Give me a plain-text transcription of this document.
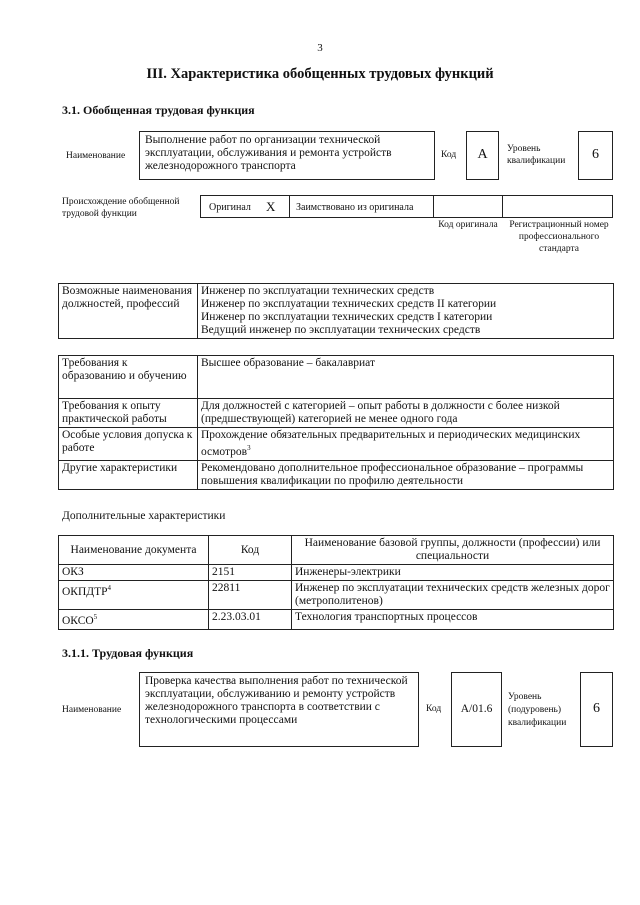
3
III. Характеристика обобщенных трудовых функций
3.1. Обобщенная трудовая функция
Наименование
Выполнение работ по организации технической эксплуатации, обслуживания и ремонта устройств железнодорожного транспорта
Код	A	Уровень квалификации	6
Происхождение обобщенной трудовой функции
Оригинал X	Заимствовано из оригинала
Код оригинала	Регистрационный номер профессионального стандарта
Возможные наименования должностей, профессий	
Инженер по эксплуатации технических средств
Инженер по эксплуатации технических средств II категории
Инженер по эксплуатации технических средств I категории
Ведущий инженер по эксплуатации технических средств
Требования к образованию и обучению	Высшее образование – бакалавриат
Требования к опыту практической работы	Для должностей с категорией – опыт работы в должности с более низкой (предшествующей) категорией не менее одного года
Особые условия допуска к работе	Прохождение обязательных предварительных и периодических медицинских осмотров$^3$
Другие характеристики	Рекомендовано дополнительное профессиональное образование – программы повышения квалификации по профилю деятельности
Дополнительные характеристики
Наименование документа	Код	Наименование базовой группы, должности (профессии) или специальности
ОКЗ	2151	Инженеры-электрики
ОКПДТР$^4$	22811	Инженер по эксплуатации технических средств железных дорог (метрополитенов)
ОКСО$^5$	2.23.03.01	Технология транспортных процессов
3.1.1. Трудовая функция
Наименование
Проверка качества выполнения работ по технической эксплуатации, обслуживанию и ремонту устройств железнодорожного транспорта в соответствии с технологическими процессами
Код	А/01.6
Уровень (подуровень) квалификации
6
